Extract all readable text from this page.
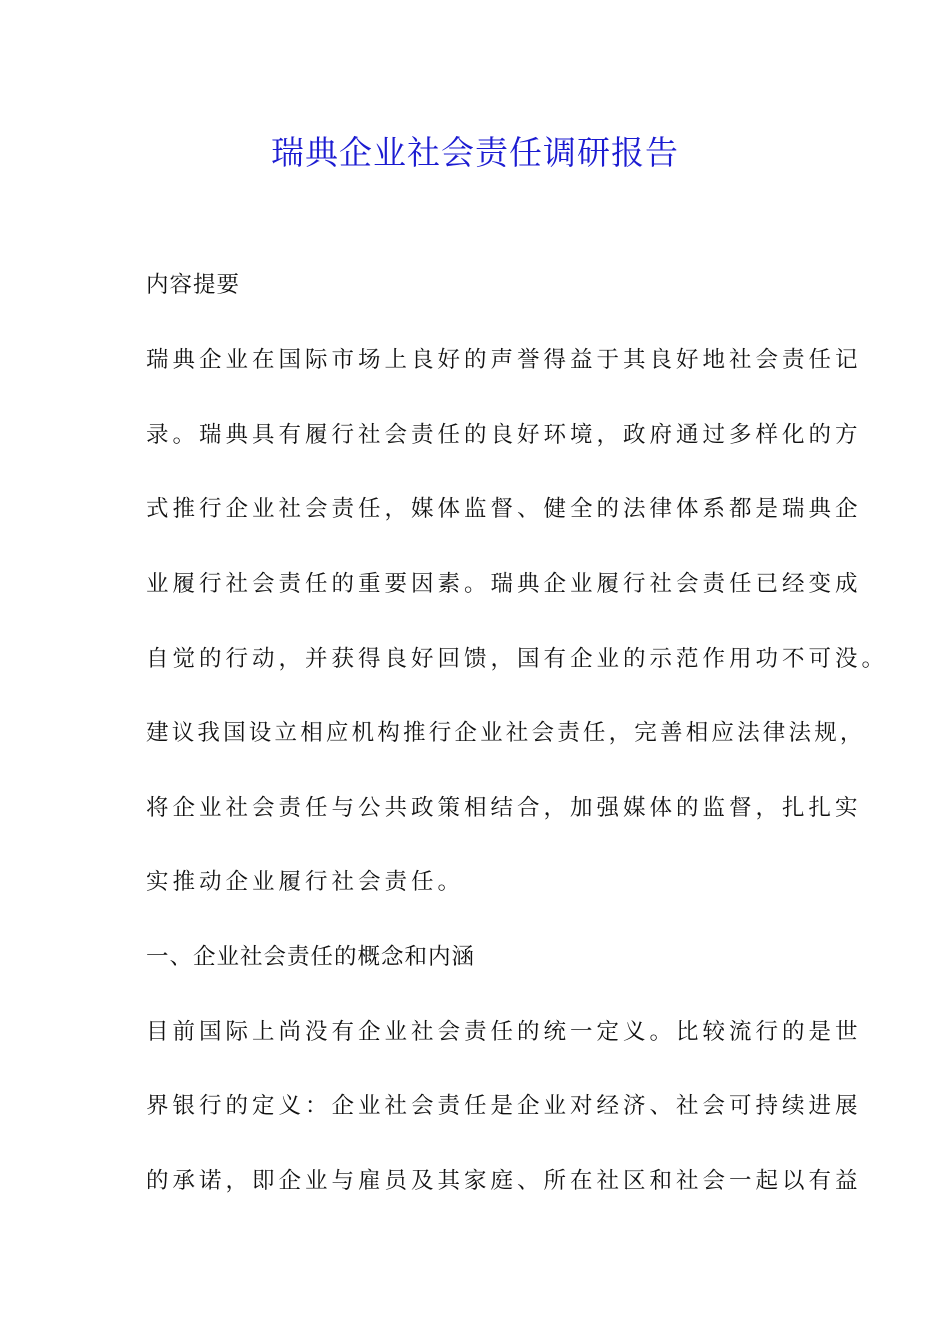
瑞典企业社会责任调研报告
内容提要
瑞典企业在国际市场上良好的声誉得益于其良好地社会责任记
录。瑞典具有履行社会责任的良好环境，政府通过多样化的方
式推行企业社会责任，媒体监督、健全的法律体系都是瑞典企
业履行社会责任的重要因素。瑞典企业履行社会责任已经变成
自觉的行动，并获得良好回馈，国有企业的示范作用功不可没。
建议我国设立相应机构推行企业社会责任，完善相应法律法规，
将企业社会责任与公共政策相结合，加强媒体的监督，扎扎实
实推动企业履行社会责任。
一、企业社会责任的概念和内涵
目前国际上尚没有企业社会责任的统一定义。比较流行的是世
界银行的定义：企业社会责任是企业对经济、社会可持续进展
的承诺，即企业与雇员及其家庭、所在社区和社会一起以有益
